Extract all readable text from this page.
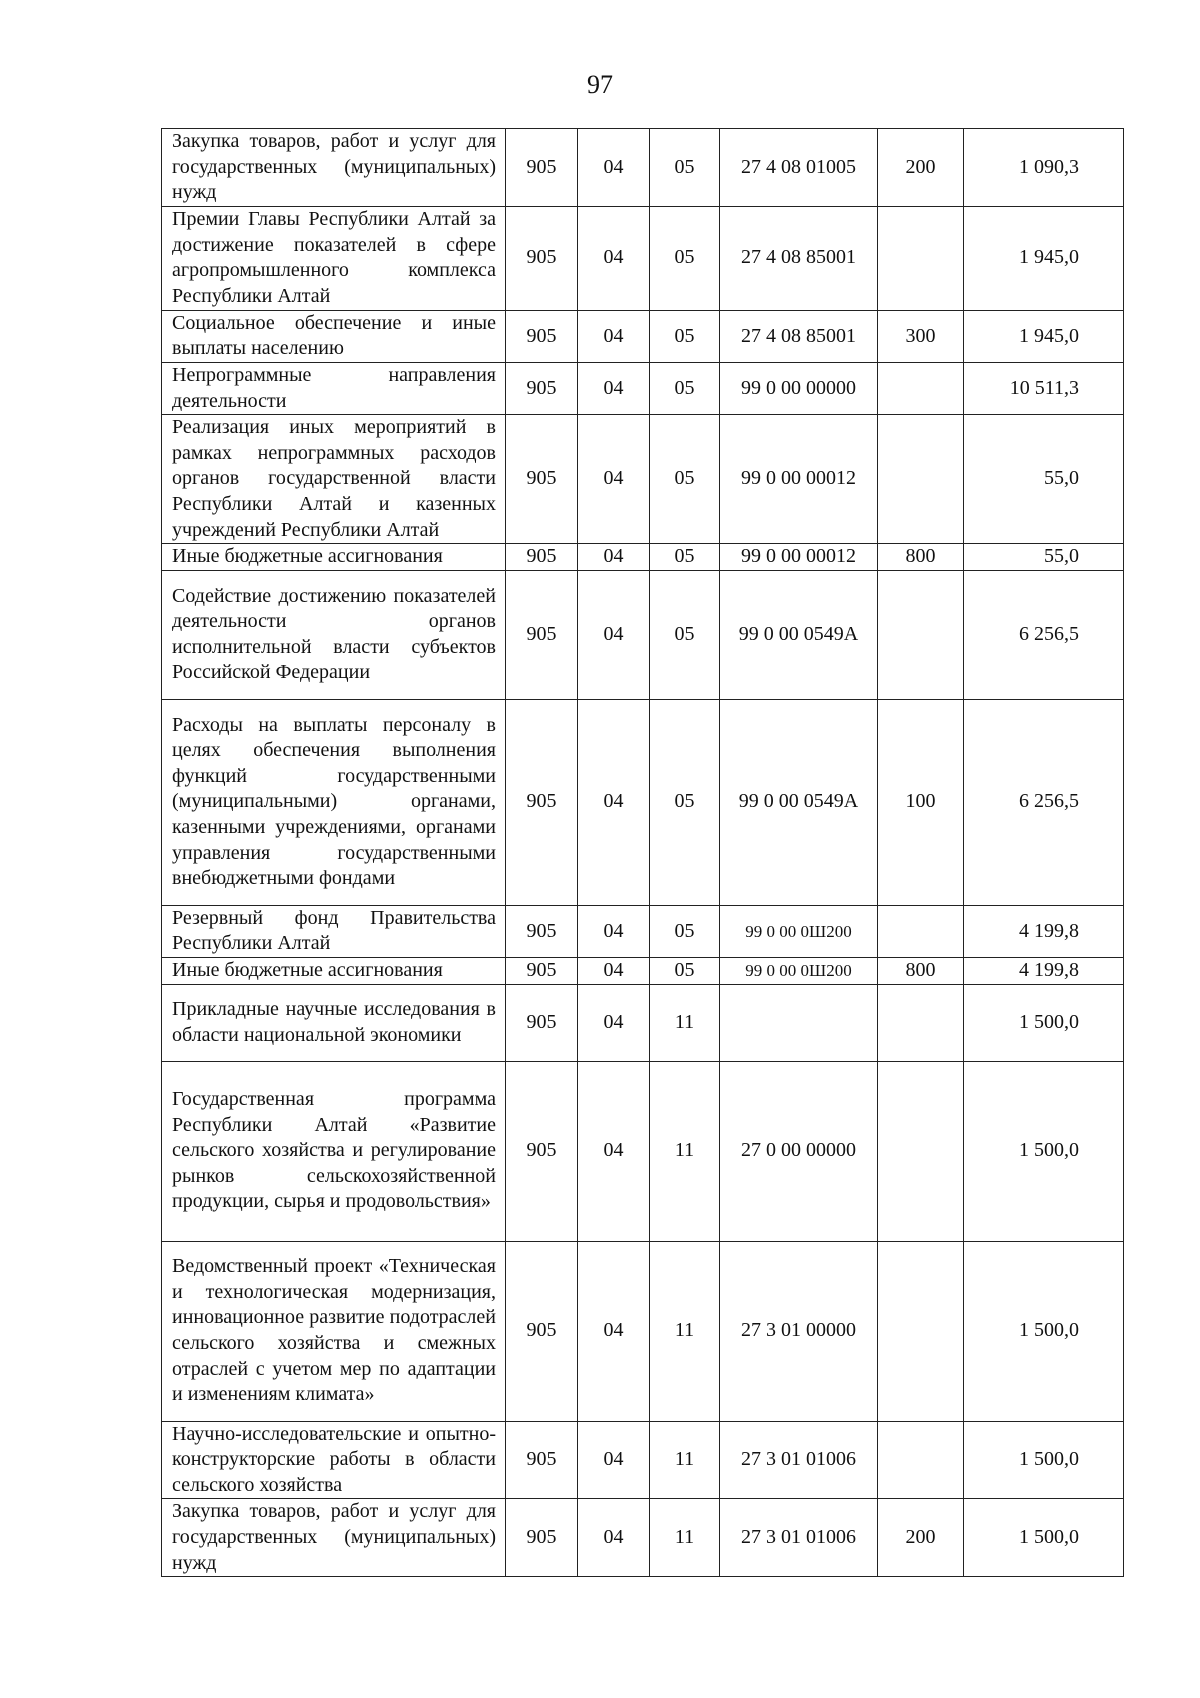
97
Закупка товаров, работ и услуг для государственных (муниципальных) нужд	905	04	05	27 4 08 01005	200	1 090,3
Премии Главы Республики Алтай за достижение показателей в сфере агропромышленного комплекса Республики Алтай	905	04	05	27 4 08 85001		1 945,0
Социальное обеспечение и иные выплаты населению	905	04	05	27 4 08 85001	300	1 945,0
Непрограммные направления деятельности	905	04	05	99 0 00 00000		10 511,3
Реализация иных мероприятий в рамках непрограммных расходов органов государственной власти Республики Алтай и казенных учреждений Республики Алтай	905	04	05	99 0 00 00012		55,0
Иные бюджетные ассигнования	905	04	05	99 0 00 00012	800	55,0
Содействие достижению показателей деятельности органов исполнительной власти субъектов Российской Федерации	905	04	05	99 0 00 0549А		6 256,5
Расходы на выплаты персоналу в целях обеспечения выполнения функций государственными (муниципальными) органами, казенными учреждениями, органами управления государственными внебюджетными фондами	905	04	05	99 0 00 0549А	100	6 256,5
Резервный фонд Правительства Республики Алтай	905	04	05	99 0 00 0Ш200		4 199,8
Иные бюджетные ассигнования	905	04	05	99 0 00 0Ш200	800	4 199,8
Прикладные научные исследования в области национальной экономики	905	04	11			1 500,0
Государственная программа Республики Алтай «Развитие сельского хозяйства и регулирование рынков сельскохозяйственной продукции, сырья и продовольствия»	905	04	11	27 0 00 00000		1 500,0
Ведомственный проект «Техническая и технологическая модернизация, инновационное развитие подотраслей сельского хозяйства и смежных отраслей с учетом мер по адаптации и изменениям климата»	905	04	11	27 3 01 00000		1 500,0
Научно-исследовательские и опытно-конструкторские работы в области сельского хозяйства	905	04	11	27 3 01 01006		1 500,0
Закупка товаров, работ и услуг для государственных (муниципальных) нужд	905	04	11	27 3 01 01006	200	1 500,0
